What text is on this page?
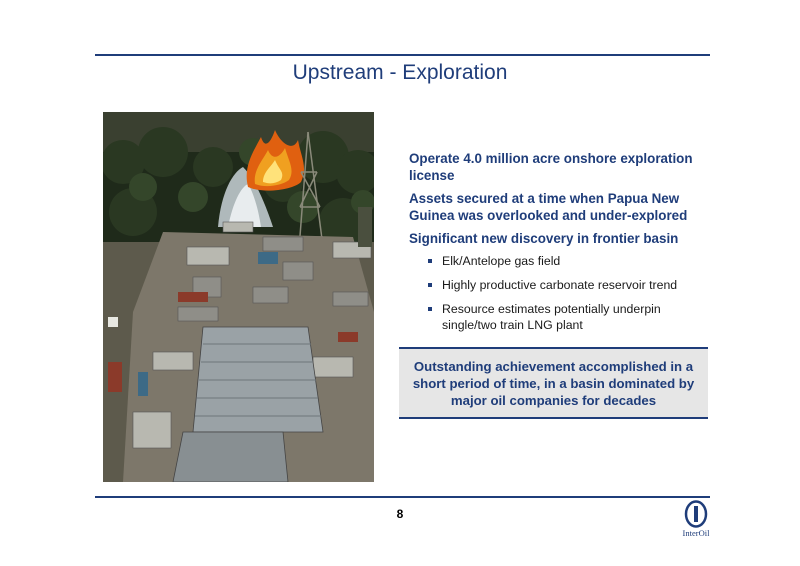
Upstream - Exploration
Operate 4.0 million acre onshore exploration license
Assets secured at a time when Papua New Guinea was overlooked and under-explored
Significant new discovery in frontier basin
Elk/Antelope gas field
Highly productive carbonate reservoir trend
Resource estimates potentially underpin single/two train LNG plant
Outstanding achievement accomplished in a short period of time, in a basin dominated by major oil companies for decades
8
InterOil
